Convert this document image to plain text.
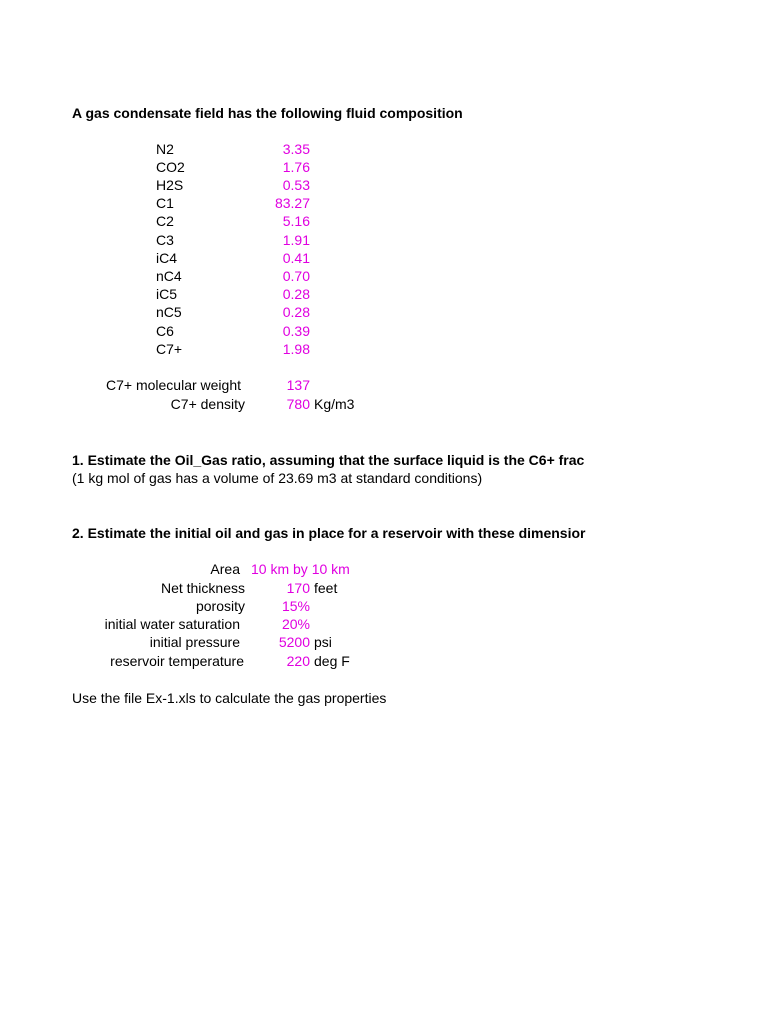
A gas condensate field has the following fluid composition
N2	3.35
CO2	1.76
H2S	0.53
C1	83.27
C2	5.16
C3	1.91
iC4	0.41
nC4	0.70
iC5	0.28
nC5	0.28
C6	0.39
C7+	1.98
C7+ molecular weight	137
C7+ density	780 Kg/m3
1. Estimate the Oil_Gas ratio, assuming that the surface liquid is the C6+ frac
(1 kg mol of gas has a volume of 23.69 m3 at standard conditions)
2. Estimate the initial oil and gas in place for a reservoir with these dimensior
Area 10 km by 10 km
Net thickness	170 feet
porosity	15%
initial water saturation	20%
initial pressure	5200 psi
reservoir temperature	220 deg F
Use the file Ex-1.xls to calculate the gas properties
